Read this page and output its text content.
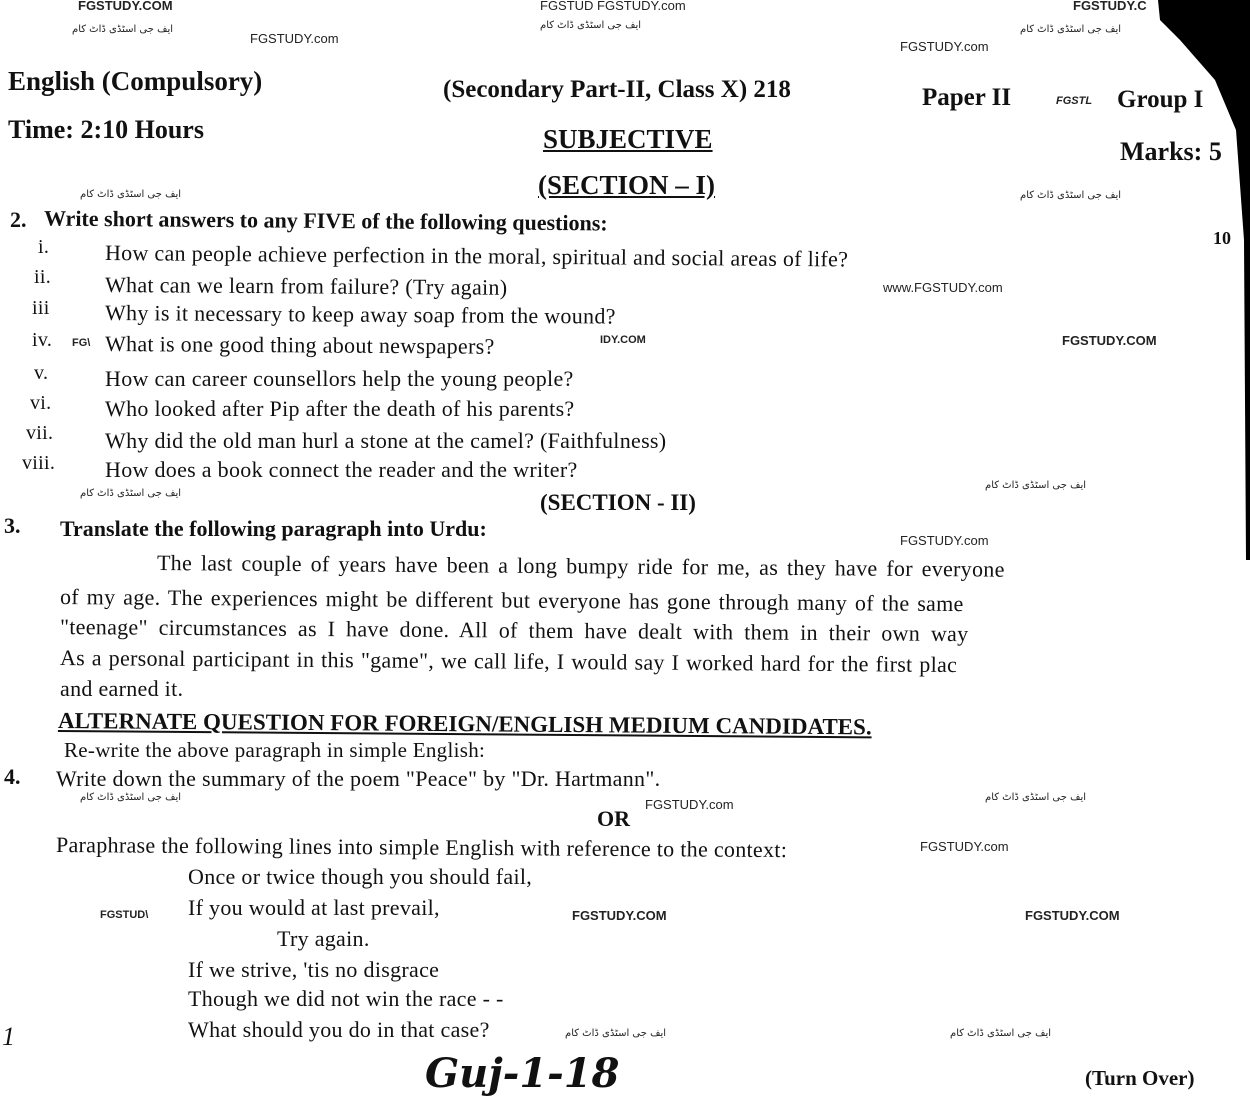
FGSTUDY.COM
ایف جی اسٹڈی ڈاٹ کام
FGSTUDY.com
FGSTUD FGSTUDY.com
ایف جی اسٹڈی ڈاٹ کام
FGSTUDY.C
ایف جی اسٹڈی ڈاٹ کام
FGSTUDY.com
ایف جی اسٹڈی ڈاٹ کام	ایف جی اسٹڈی ڈاٹ کام
www.FGSTUDY.com
FGSTUDY.COM
FGSTUDY.COM
FGSTUDY.COM
FGSTUD\
FGSTL
FG\	IDY.COM
ایف جی اسٹڈی ڈاٹ کام
ایف جی اسٹڈی ڈاٹ کام
FGSTUDY.com
ایف جی اسٹڈی ڈاٹ کام	ایف جی اسٹڈی ڈاٹ کام
FGSTUDY.com
FGSTUDY.com
ایف جی اسٹڈی ڈاٹ کام	ایف جی اسٹڈی ڈاٹ کام
English (Compulsory)	(Secondary Part-II, Class X) 218	Paper II	Group I
Time: 2:10 Hours	SUBJECTIVE	Marks: 5
(SECTION – I)
2. Write short answers to any FIVE of the following questions:
10
i.	How can people achieve perfection in the moral, spiritual and social areas of life?
ii. What can we learn from failure? (Try again)
iii	Why is it necessary to keep away soap from the wound?
iv. What is one good thing about newspapers?
v.	How can career counsellors help the young people?
vi. Who looked after Pip after the death of his parents?
vii. Why did the old man hurl a stone at the camel? (Faithfulness)
viii. How does a book connect the reader and the writer?
(SECTION - II)
3. Translate the following paragraph into Urdu:
The last couple of years have been a long bumpy ride for me, as they have for everyone
of my age. The experiences might be different but everyone has gone through many of the same
"teenage" circumstances as I have done. All of them have dealt with them in their own way
As a personal participant in this "game", we call life, I would say I worked hard for the first plac
and earned it.
ALTERNATE QUESTION FOR FOREIGN/ENGLISH MEDIUM CANDIDATES.
Re-write the above paragraph in simple English:
4. Write down the summary of the poem "Peace" by "Dr. Hartmann".
OR
Paraphrase the following lines into simple English with reference to the context:
Once or twice though you should fail,
If you would at last prevail,
Try again.
If we strive, 'tis no disgrace
Though we did not win the race - -
What should you do in that case?
1
Guj-1-18	(Turn Over)
